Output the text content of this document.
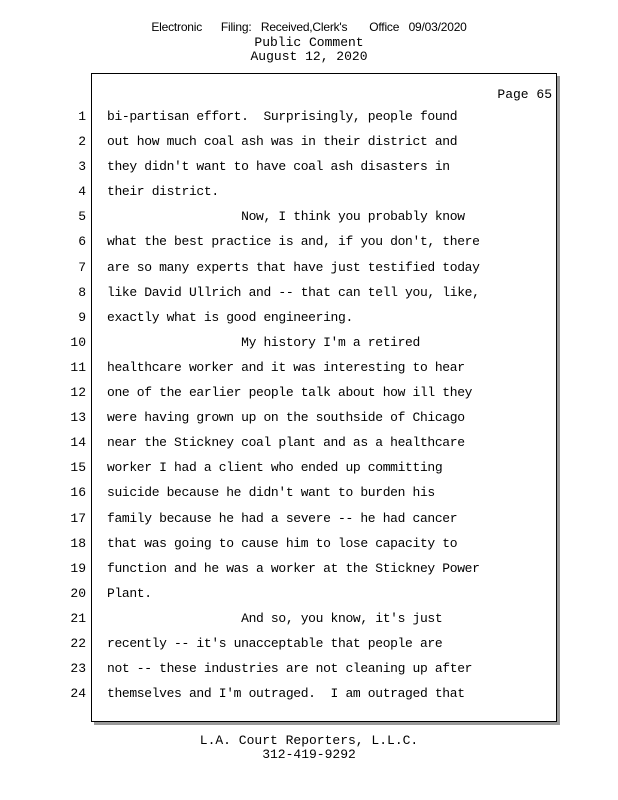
Electronic      Filing:   Received,Clerk's       Office   09/03/2020
Public Comment
August 12, 2020
Page 65
1
2
3
4
5
6
7
8
9
10
11
12
13
14
15
16
17
18
19
20
21
22
23
24
bi-partisan effort.  Surprisingly, people found
out how much coal ash was in their district and
they didn't want to have coal ash disasters in
their district.
Now, I think you probably know
what the best practice is and, if you don't, there
are so many experts that have just testified today
like David Ullrich and -- that can tell you, like,
exactly what is good engineering.
My history I'm a retired
healthcare worker and it was interesting to hear
one of the earlier people talk about how ill they
were having grown up on the southside of Chicago
near the Stickney coal plant and as a healthcare
worker I had a client who ended up committing
suicide because he didn't want to burden his
family because he had a severe -- he had cancer
that was going to cause him to lose capacity to
function and he was a worker at the Stickney Power
Plant.
And so, you know, it's just
recently -- it's unacceptable that people are
not -- these industries are not cleaning up after
themselves and I'm outraged.  I am outraged that
L.A. Court Reporters, L.L.C.
312-419-9292
